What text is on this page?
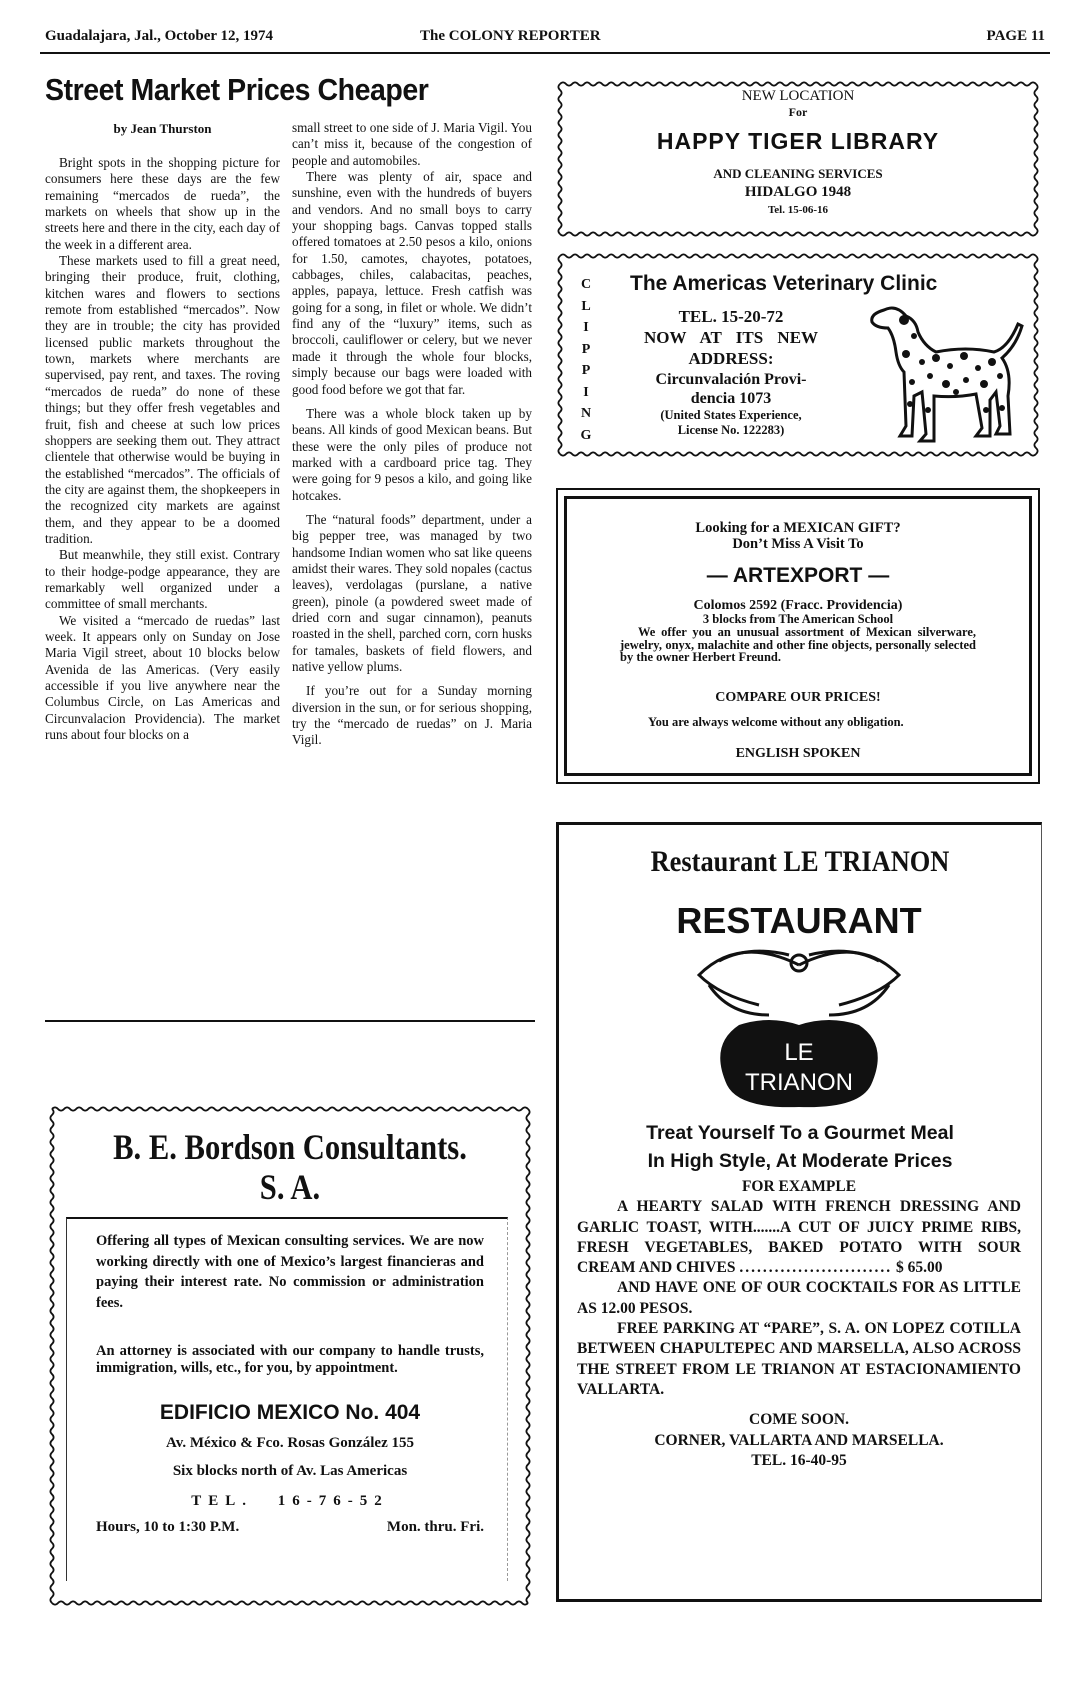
Guadalajara, Jal., October 12, 1974	The COLONY REPORTER	PAGE 11
Street Market Prices Cheaper
by Jean Thurston

Bright spots in the shopping picture for consumers here these days are the few remaining “mercados de rueda”, the markets on wheels that show up in the streets here and there in the city, each day of the week in a different area.

These markets used to fill a great need, bringing their produce, fruit, clothing, kitchen wares and flowers to sections remote from established “mercados”. Now they are in trouble; the city has provided licensed public markets throughout the town, markets where merchants are supervised, pay rent, and taxes. The roving “mercados de rueda” do none of these things; but they offer fresh vegetables and fruit, fish and cheese at such low prices shoppers are seeking them out. They attract clientele that otherwise would be buying in the established “mercados”. The officials of the city are against them, the shopkeepers in the recognized city markets are against them, and they appear to be a doomed tradition.

But meanwhile, they still exist. Contrary to their hodge-podge appearance, they are remarkably well organized under a committee of small merchants.

We visited a “mercado de ruedas” last week. It appears only on Sunday on Jose Maria Vigil street, about 10 blocks below Avenida de las Americas. (Very easily accessible if you live anywhere near the Columbus Circle, on Las Americas and Circunvalacion Providencia). The market runs about four blocks on a

small street to one side of J. Maria Vigil. You can’t miss it, because of the congestion of people and automobiles.

There was plenty of air, space and sunshine, even with the hundreds of buyers and vendors. And no small boys to carry your shopping bags. Canvas topped stalls offered tomatoes at 2.50 pesos a kilo, onions for 1.50, camotes, chayotes, potatoes, cabbages, chiles, calabacitas, peaches, apples, papaya, lettuce. Fresh catfish was going for a song, in filet or whole. We didn’t find any of the “luxury” items, such as broccoli, cauliflower or celery, but we never made it through the whole four blocks, simply because our bags were loaded with good food before we got that far.

There was a whole block taken up by beans. All kinds of good Mexican beans. But these were the only piles of produce not marked with a cardboard price tag. They were going for 9 pesos a kilo, and going like hotcakes.

The “natural foods” department, under a big pepper tree, was managed by two handsome Indian women who sat like queens amidst their wares. They sold nopales (cactus leaves), verdolagas (purslane, a native green), pinole (a powdered sweet made of dried corn and sugar cinnamon), peanuts roasted in the shell, parched corn, corn husks for tamales, baskets of field flowers, and native yellow plums.

If you’re out for a Sunday morning diversion in the sun, or for serious shopping, try the “mercado de ruedas” on J. Maria Vigil.

NEW LOCATION
For
HAPPY TIGER LIBRARY
AND CLEANING SERVICES
HIDALGO 1948
Tel. 15-06-16
C
L
I
P
P
I
N
G
The Americas Veterinary Clinic
TEL. 15-20-72
NOW AT ITS NEW
ADDRESS:
Circunvalación Provi-
dencia 1073
(United States Experience,
License No. 122283)
Looking for a MEXICAN GIFT?
Don’t Miss A Visit To
— ARTEXPORT —
Colomos 2592 (Fracc. Providencia)
3 blocks from The American School
We offer you an unusual assortment of Mexican silverware, jewelry, onyx, malachite and other fine objects, personally selected by the owner Herbert Freund.
COMPARE OUR PRICES!
You are always welcome without any obligation.
ENGLISH SPOKEN
Restaurant LE TRIANON
RESTAURANT
LE
TRIANON
Treat Yourself To a Gourmet Meal
In High Style, At Moderate Prices
FOR EXAMPLE
A HEARTY SALAD WITH FRENCH DRESSING AND GARLIC TOAST, WITH.......A CUT OF JUICY PRIME RIBS, FRESH VEGETABLES, BAKED POTATO WITH SOUR CREAM AND CHIVES .......................... $ 65.00
AND HAVE ONE OF OUR COCKTAILS FOR AS LITTLE AS 12.00 PESOS.
FREE PARKING AT “PARE”, S. A. ON LOPEZ COTILLA BETWEEN CHAPULTEPEC AND MARSELLA, ALSO ACROSS THE STREET FROM LE TRIANON AT ESTACIONAMIENTO VALLARTA.
COME SOON.
CORNER, VALLARTA AND MARSELLA.
TEL. 16-40-95
B. E. Bordson Consultants.
S. A.
Offering all types of Mexican consulting services. We are now working directly with one of Mexico’s largest financieras and paying their interest rate. No commission or administration fees.
An attorney is associated with our company to handle trusts, immigration, wills, etc., for you, by appointment.
EDIFICIO MEXICO No. 404
Av. México & Fco. Rosas González 155
Six blocks north of Av. Las Americas
TEL. 16-76-52
Hours, 10 to 1:30 P.M.	Mon. thru. Fri.
